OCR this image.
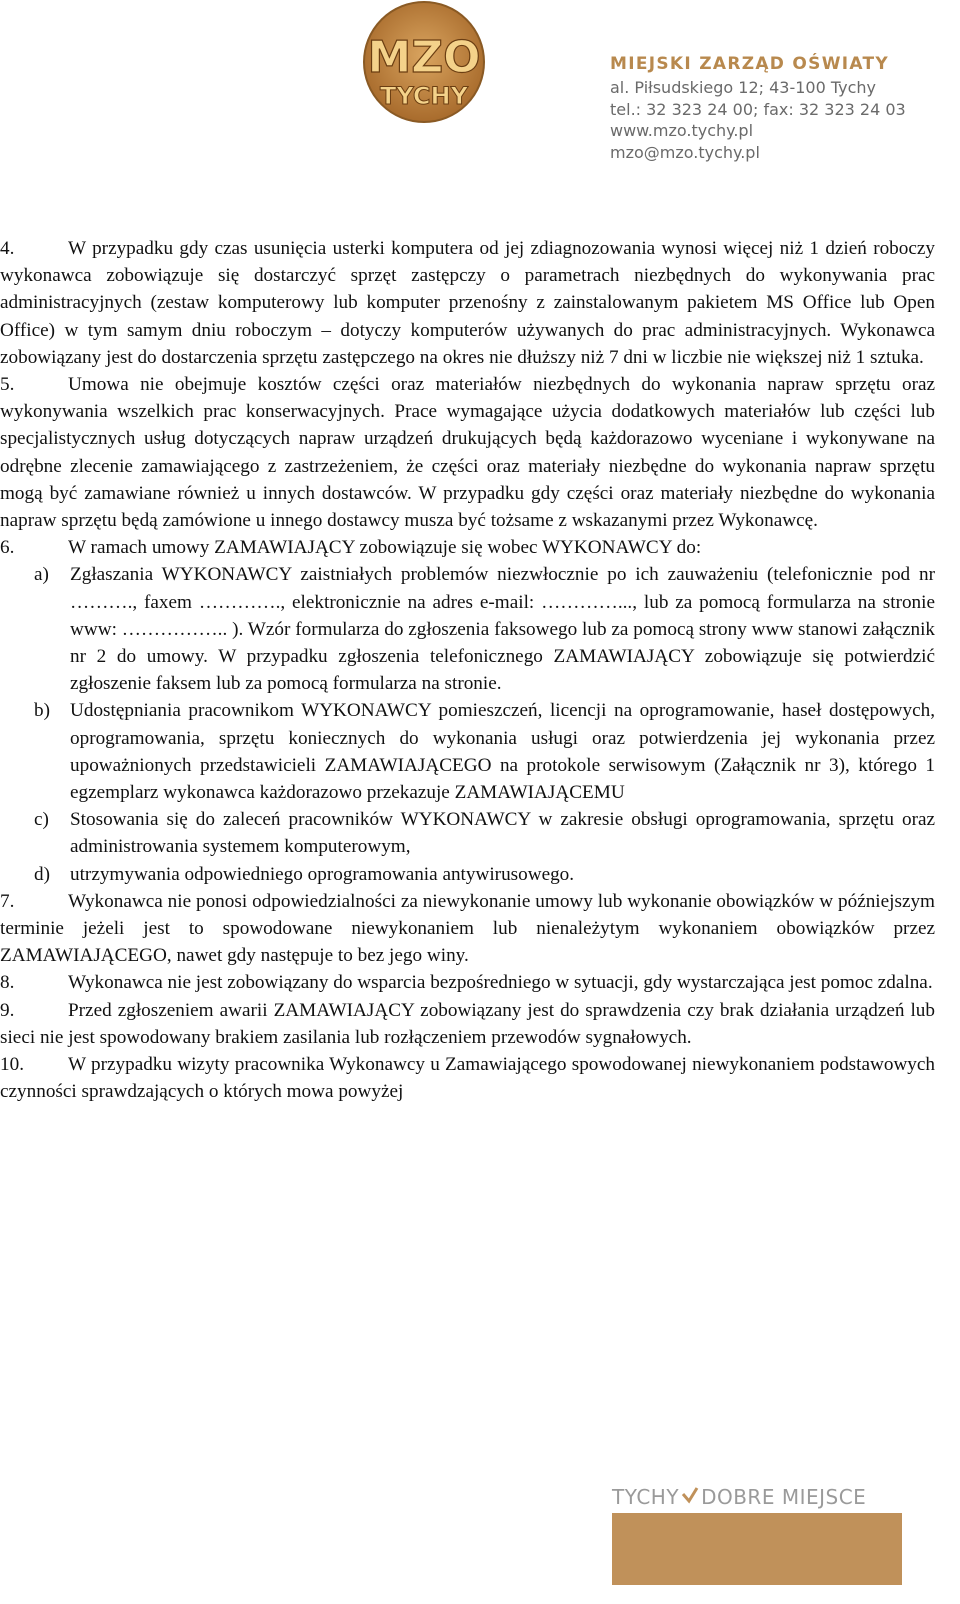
MZO
TYCHY
MIEJSKI ZARZĄD OŚWIATY
al. Piłsudskiego 12; 43-100 Tychy
tel.: 32 323 24 00; fax: 32 323 24 03
www.mzo.tychy.pl
mzo@mzo.tychy.pl

4.	W przypadku gdy czas usunięcia usterki komputera od jej zdiagnozowania wynosi więcej niż 1 dzień roboczy wykonawca zobowiązuje się dostarczyć sprzęt zastępczy o parametrach niezbędnych do wykonywania prac administracyjnych (zestaw komputerowy lub komputer przenośny z zainstalowanym pakietem MS Office lub Open Office) w tym samym dniu roboczym – dotyczy komputerów używanych do prac administracyjnych. Wykonawca zobowiązany jest do dostarczenia sprzętu zastępczego na okres nie dłuższy niż 7 dni w liczbie nie większej niż 1 sztuka.

5.	Umowa nie obejmuje kosztów części oraz materiałów niezbędnych do wykonania napraw sprzętu oraz wykonywania wszelkich prac konserwacyjnych. Prace wymagające użycia dodatkowych materiałów lub części lub specjalistycznych usług dotyczących napraw urządzeń drukujących będą każdorazowo wyceniane i wykonywane na odrębne zlecenie zamawiającego z zastrzeżeniem, że części oraz materiały niezbędne do wykonania napraw sprzętu mogą być zamawiane również u innych dostawców. W przypadku gdy części oraz materiały niezbędne do wykonania napraw sprzętu będą zamówione u innego dostawcy musza być tożsame z wskazanymi przez Wykonawcę.

6.	W ramach umowy ZAMAWIAJĄCY zobowiązuje się wobec WYKONAWCY do:

a)	Zgłaszania WYKONAWCY zaistniałych problemów niezwłocznie po ich zauważeniu (telefonicznie pod nr ………., faxem …………., elektronicznie na adres e-mail: …………..., lub za pomocą formularza na stronie www: …………….. ). Wzór formularza do zgłoszenia faksowego lub za pomocą strony www stanowi załącznik nr 2 do umowy. W przypadku zgłoszenia telefonicznego ZAMAWIAJĄCY zobowiązuje się potwierdzić zgłoszenie faksem lub za pomocą formularza na stronie.
b)	Udostępniania pracownikom WYKONAWCY pomieszczeń, licencji na oprogramowanie, haseł dostępowych, oprogramowania, sprzętu koniecznych do wykonania usługi oraz potwierdzenia jej wykonania przez upoważnionych przedstawicieli ZAMAWIAJĄCEGO na protokole serwisowym (Załącznik nr 3), którego 1 egzemplarz wykonawca każdorazowo przekazuje ZAMAWIAJĄCEMU
c)	Stosowania się do zaleceń pracowników WYKONAWCY w zakresie obsługi oprogramowania, sprzętu oraz administrowania systemem komputerowym,
d)	utrzymywania odpowiedniego oprogramowania antywirusowego.

7.	Wykonawca nie ponosi odpowiedzialności za niewykonanie umowy lub wykonanie obowiązków w późniejszym terminie jeżeli jest to spowodowane niewykonaniem lub nienależytym wykonaniem obowiązków przez ZAMAWIAJĄCEGO, nawet gdy następuje to bez jego winy.

8.	Wykonawca nie jest zobowiązany do wsparcia bezpośredniego w sytuacji, gdy wystarczająca jest pomoc zdalna.

9.	Przed zgłoszeniem awarii ZAMAWIAJĄCY zobowiązany jest do sprawdzenia czy brak działania urządzeń lub sieci nie jest spowodowany brakiem zasilania lub rozłączeniem przewodów sygnałowych.

10. W przypadku wizyty pracownika Wykonawcy u Zamawiającego spowodowanej niewykonaniem podstawowych czynności sprawdzających o których mowa powyżej

TYCHY DOBRE MIEJSCE
